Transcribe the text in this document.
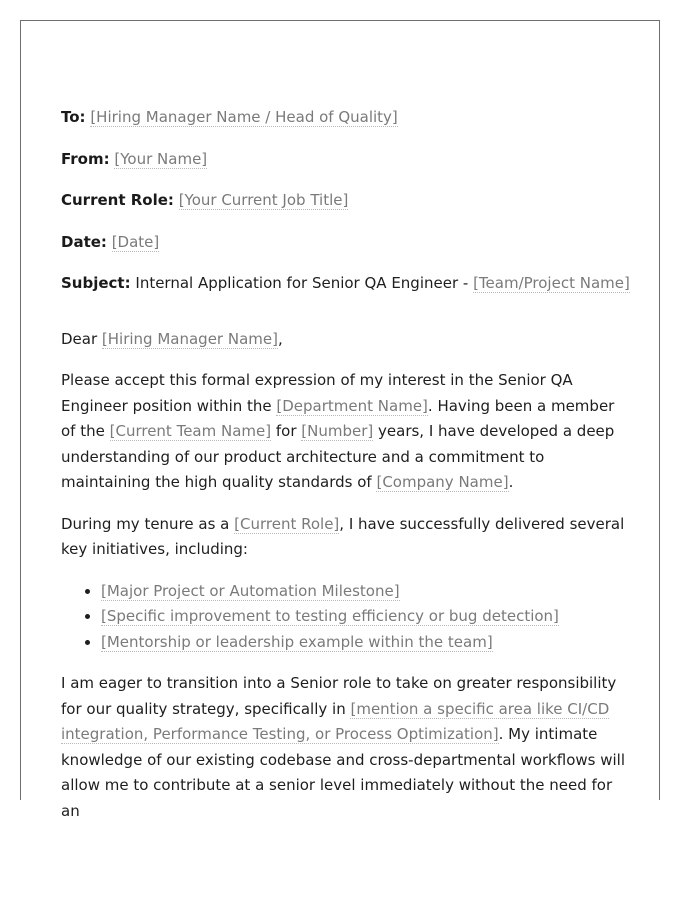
To: [Hiring Manager Name / Head of Quality]
From: [Your Name]
Current Role: [Your Current Job Title]
Date: [Date]
Subject: Internal Application for Senior QA Engineer - [Team/Project Name]

Dear [Hiring Manager Name],

Please accept this formal expression of my interest in the Senior QA Engineer position within the [Department Name]. Having been a member of the [Current Team Name] for [Number] years, I have developed a deep understanding of our product architecture and a commitment to maintaining the high quality standards of [Company Name].

During my tenure as a [Current Role], I have successfully delivered several key initiatives, including:

• [Major Project or Automation Milestone]
• [Specific improvement to testing efficiency or bug detection]
• [Mentorship or leadership example within the team]

I am eager to transition into a Senior role to take on greater responsibility for our quality strategy, specifically in [mention a specific area like CI/CD integration, Performance Testing, or Process Optimization]. My intimate knowledge of our existing codebase and cross-departmental workflows will allow me to contribute at a senior level immediately without the need for an
